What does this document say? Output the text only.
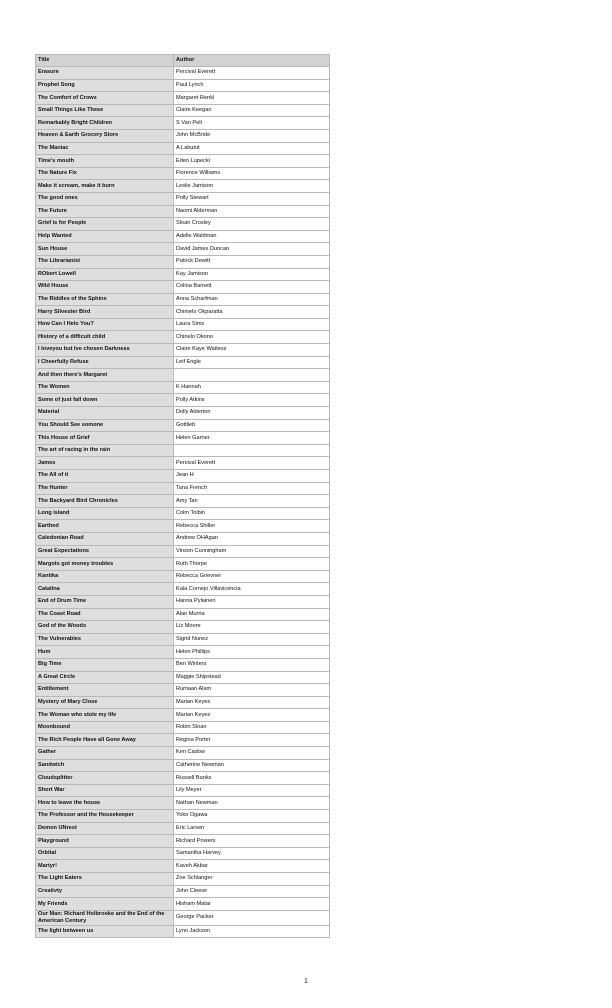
Title	Author
Erasure	Percival Everett
Prophet Song	Paul Lynch
The Comfort of Crows	Margaret Renkl
Small Things Like These	Claire Keegan
Remarkably Bright Children	S Van Pelt
Heaven & Earth Grocery Store	John McBride
The Maniac	A Labutut
Time's mouth	Eden Lupecki
The Nature Fix	Florence Williams
Make it scream, make it burn	Leslie Jamison
The good ones	Polly Stewart
The Future	Naomi Alderman
Grief is for People	Sloan Crosley
Help Wanted	Adelle Waldman
Sun House	David James Duncan
The Librarianist	Patrick Dewitt
RObert Lowell	Kay Jamison
Wild House	Colina Barnett
The Riddles of the Sphinx	Anna Scharfman
Harry Silvester Bird	Chimelo Okparatta
How Can I Helo You?	Laura Sims
History of a difficult child	Chinelo Okono
I loveyou but Ive chosen Darkness	Claire Kaye Wattess
I Cheerfully Refuse	Leif Engle
And then there's Margaret	
The Women	K Hannah
Some of just fall down	Polly Atkins
Material	Dolly Alderton
You Should See somone	Gottlieb
This House of Grief	Helen Garner
The art of racing in the rain	
James	Percival Everett
The All of it	Jean H
The Hunter	Tana French
The Backyard Bird Chronicles	Amy Tan
Long island	Colm Toibin
Earthed	Rebecca Shiller
Caledonian Road	Andrew OHAgan
Great Expectations	Vinson Cunningham
Margots got money troubles	Ruth Thorpe
Kantika	Rebecca Grievner
Catalina	Kala Cornejo Villavicencia
End of Drum Time	Hanna Pylainen
The Coast Road	Alan Murria
God of the Woods	Liz Moore
The Vulnerables	Sigrid Nunez
Hum	Helen Phillips
Big Time	Ben Winters
A Great Circle	Maggie Shipstead
Entitlement	Rumaan Alam
Mystery of Mary Close	Marian Keyes
The Woman who stole my life	Marian Keyes
Moonbound	Robin Sloan
The Rich People Have all Gone Away	Regina Porter
Gather	Ken Cadow
Sandwich	Catherine Newman
Cloudsplitter	Russell Banks
Short War	Lily Meyer
How to leave the house	Nathan Newman
The Professor and the Housekeeper	Yoko Ogawa
Demon UNrest	Eric Larsen
Playground	Richard Powers
Orbital	Samantha Harvey
Martyr!	Kaveh Akbar
The Light Eaters	Zoe Schlanger
Creativty	John Cleese
My Friends	Hisham Matar
Our Man: Richard Holbrooke and the End of the American Century	George Packer
The light between us	Lynn Jackson
1
